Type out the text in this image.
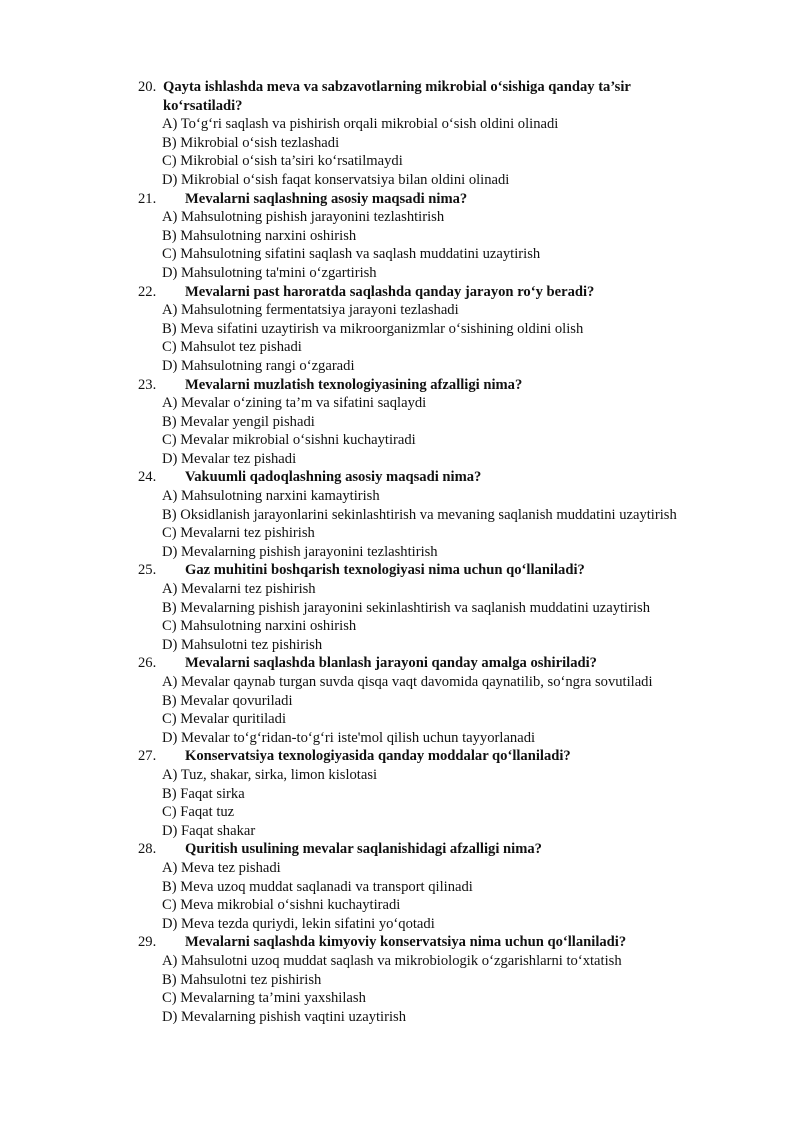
20. Qayta ishlashda meva va sabzavotlarning mikrobial o‘sishiga qanday ta’sir ko‘rsatiladi?
A) To‘g‘ri saqlash va pishirish orqali mikrobial o‘sish oldini olinadi
B) Mikrobial o‘sish tezlashadi
C) Mikrobial o‘sish ta’siri ko‘rsatilmaydi
D) Mikrobial o‘sish faqat konservatsiya bilan oldini olinadi
21.	Mevalarni saqlashning asosiy maqsadi nima?
A) Mahsulotning pishish jarayonini tezlashtirish
B) Mahsulotning narxini oshirish
C) Mahsulotning sifatini saqlash va saqlash muddatini uzaytirish
D) Mahsulotning ta'mini o‘zgartirish
22.	Mevalarni past haroratda saqlashda qanday jarayon ro‘y beradi?
A) Mahsulotning fermentatsiya jarayoni tezlashadi
B) Meva sifatini uzaytirish va mikroorganizmlar o‘sishining oldini olish
C) Mahsulot tez pishadi
D) Mahsulotning rangi o‘zgaradi
23.	Mevalarni muzlatish texnologiyasining afzalligi nima?
A) Mevalar o‘zining ta’m va sifatini saqlaydi
B) Mevalar yengil pishadi
C) Mevalar mikrobial o‘sishni kuchaytiradi
D) Mevalar tez pishadi
24.	Vakuumli qadoqlashning asosiy maqsadi nima?
A) Mahsulotning narxini kamaytirish
B) Oksidlanish jarayonlarini sekinlashtirish va mevaning saqlanish muddatini uzaytirish
C) Mevalarni tez pishirish
D) Mevalarning pishish jarayonini tezlashtirish
25.	Gaz muhitini boshqarish texnologiyasi nima uchun qo‘llaniladi?
A) Mevalarni tez pishirish
B) Mevalarning pishish jarayonini sekinlashtirish va saqlanish muddatini uzaytirish
C) Mahsulotning narxini oshirish
D) Mahsulotni tez pishirish
26.	Mevalarni saqlashda blanlash jarayoni qanday amalga oshiriladi?
A) Mevalar qaynab turgan suvda qisqa vaqt davomida qaynatilib, so‘ngra sovutiladi
B) Mevalar qovuriladi
C) Mevalar quritiladi
D) Mevalar to‘g‘ridan-to‘g‘ri iste'mol qilish uchun tayyorlanadi
27.	Konservatsiya texnologiyasida qanday moddalar qo‘llaniladi?
A) Tuz, shakar, sirka, limon kislotasi
B) Faqat sirka
C) Faqat tuz
D) Faqat shakar
28.	Quritish usulining mevalar saqlanishidagi afzalligi nima?
A) Meva tez pishadi
B) Meva uzoq muddat saqlanadi va transport qilinadi
C) Meva mikrobial o‘sishni kuchaytiradi
D) Meva tezda quriydi, lekin sifatini yo‘qotadi
29.	Mevalarni saqlashda kimyoviy konservatsiya nima uchun qo‘llaniladi?
A) Mahsulotni uzoq muddat saqlash va mikrobiologik o‘zgarishlarni to‘xtatish
B) Mahsulotni tez pishirish
C) Mevalarning ta’mini yaxshilash
D) Mevalarning pishish vaqtini uzaytirish
